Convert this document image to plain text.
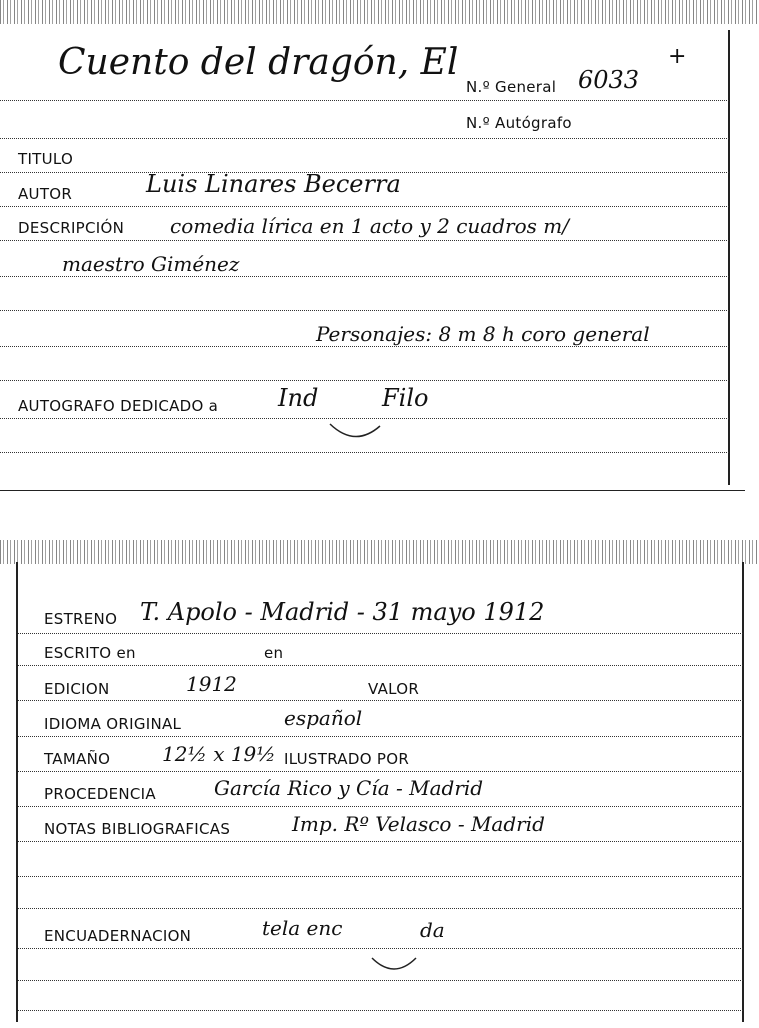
Cuento del dragón, El
N.º General 6033
+
N.º Autógrafo
TITULO
AUTOR	Luis Linares Becerra
DESCRIPCIÓN comedia lírica en 1 acto y 2 cuadros m/
maestro Giménez
Personajes: 8 m 8 h coro general
AUTOGRAFO DEDICADO a Ind	Filo
ESTRENO T. Apolo - Madrid - 31 mayo 1912
ESCRITO en	en
EDICION	1912	VALOR
IDIOMA ORIGINAL	español
TAMAÑO	12½ x 19½ ILUSTRADO POR
PROCEDENCIA	García Rico y Cía - Madrid
NOTAS BIBLIOGRAFICAS	Imp. Rº Velasco - Madrid
ENCUADERNACION	tela enc	da
